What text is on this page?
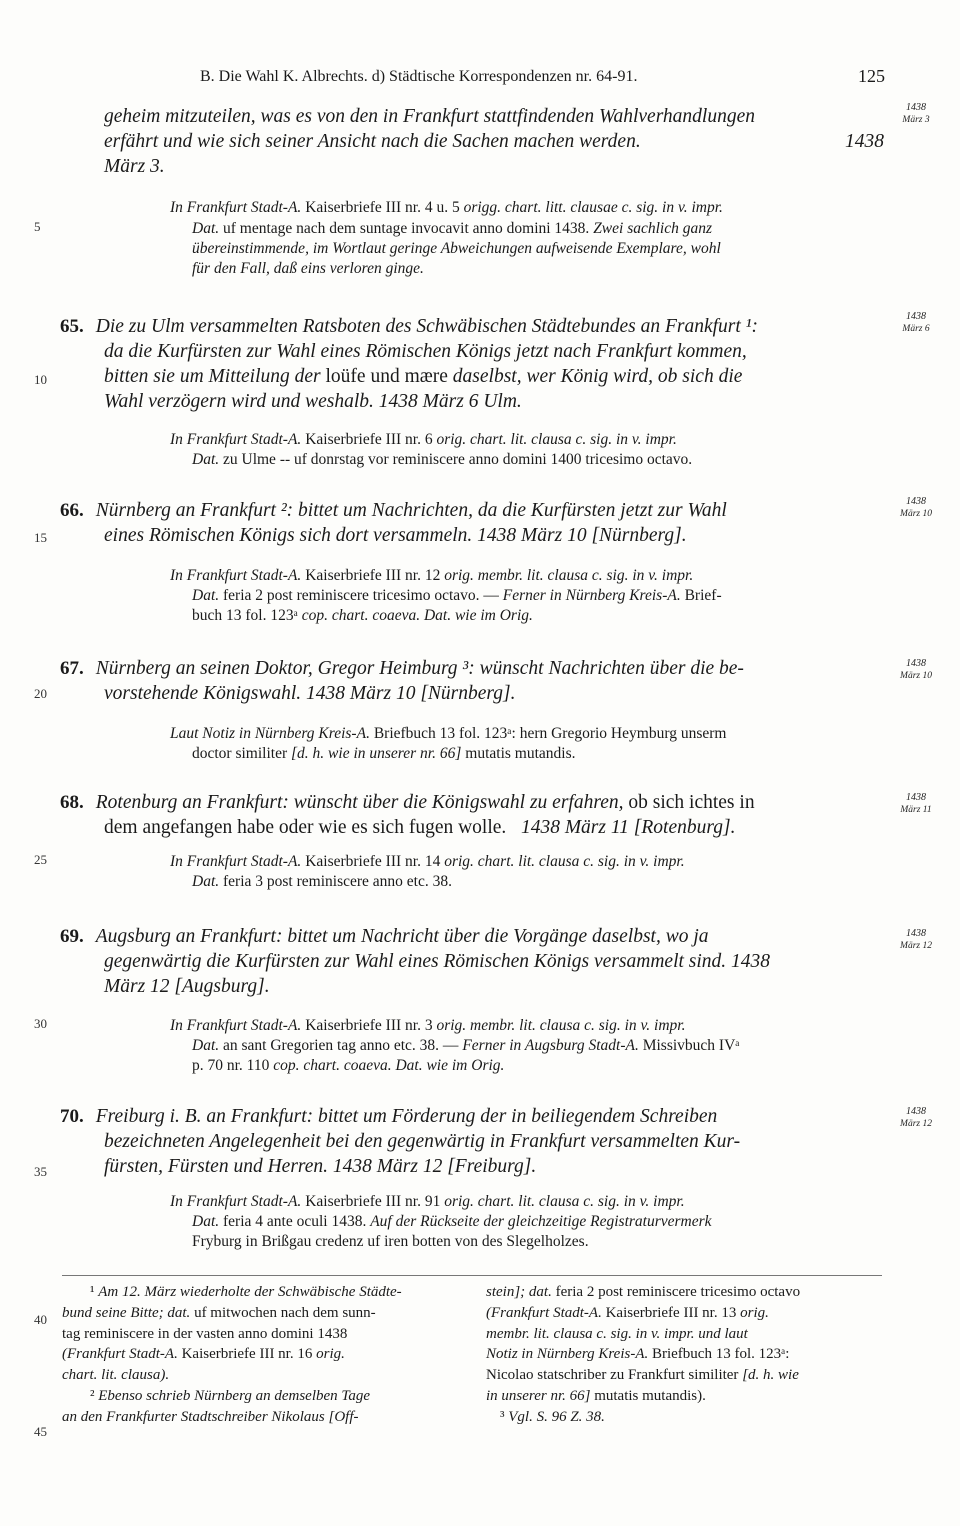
B. Die Wahl K. Albrechts. d) Städtische Korrespondenzen nr. 64-91.	125
5
10
15
20
25
30
35
40
45
1438
März 3
geheim mitzuteilen, was es von den in Frankfurt stattfindenden Wahlverhandlungen
erfährt und wie sich seiner Ansicht nach die Sachen machen werden.	1438
März 3.
In Frankfurt Stadt-A. Kaiserbriefe III nr. 4 u. 5 origg. chart. litt. clausae c. sig. in v. impr.
Dat. uf mentage nach dem suntage invocavit anno domini 1438. Zwei sachlich ganz
übereinstimmende, im Wortlaut geringe Abweichungen aufweisende Exemplare, wohl
für den Fall, daß eins verloren ginge.
1438
März 6
65. Die zu Ulm versammelten Ratsboten des Schwäbischen Städtebundes an Frankfurt ¹:
da die Kurfürsten zur Wahl eines Römischen Königs jetzt nach Frankfurt kommen,
bitten sie um Mitteilung der loüfe und mære daselbst, wer König wird, ob sich die
Wahl verzögern wird und weshalb. 1438 März 6 Ulm.
In Frankfurt Stadt-A. Kaiserbriefe III nr. 6 orig. chart. lit. clausa c. sig. in v. impr.
Dat. zu Ulme -- uf donrstag vor reminiscere anno domini 1400 tricesimo octavo.
1438
März 10
66. Nürnberg an Frankfurt ²: bittet um Nachrichten, da die Kurfürsten jetzt zur Wahl
eines Römischen Königs sich dort versammeln. 1438 März 10 [Nürnberg].
In Frankfurt Stadt-A. Kaiserbriefe III nr. 12 orig. membr. lit. clausa c. sig. in v. impr.
Dat. feria 2 post reminiscere tricesimo octavo. — Ferner in Nürnberg Kreis-A. Brief-
buch 13 fol. 123ᵃ cop. chart. coaeva. Dat. wie im Orig.
1438
März 10
67. Nürnberg an seinen Doktor, Gregor Heimburg ³: wünscht Nachrichten über die be-
vorstehende Königswahl. 1438 März 10 [Nürnberg].
Laut Notiz in Nürnberg Kreis-A. Briefbuch 13 fol. 123ᵃ: hern Gregorio Heymburg unserm
doctor similiter [d. h. wie in unserer nr. 66] mutatis mutandis.
1438
März 11
68. Rotenburg an Frankfurt: wünscht über die Königswahl zu erfahren, ob sich ichtes in
dem angefangen habe oder wie es sich fugen wolle. 1438 März 11 [Rotenburg].
In Frankfurt Stadt-A. Kaiserbriefe III nr. 14 orig. chart. lit. clausa c. sig. in v. impr.
Dat. feria 3 post reminiscere anno etc. 38.
1438
März 12
69. Augsburg an Frankfurt: bittet um Nachricht über die Vorgänge daselbst, wo ja
gegenwärtig die Kurfürsten zur Wahl eines Römischen Königs versammelt sind. 1438
März 12 [Augsburg].
In Frankfurt Stadt-A. Kaiserbriefe III nr. 3 orig. membr. lit. clausa c. sig. in v. impr.
Dat. an sant Gregorien tag anno etc. 38. — Ferner in Augsburg Stadt-A. Missivbuch IVᵃ
p. 70 nr. 110 cop. chart. coaeva. Dat. wie im Orig.
1438
März 12
70. Freiburg i. B. an Frankfurt: bittet um Förderung der in beiliegendem Schreiben
bezeichneten Angelegenheit bei den gegenwärtig in Frankfurt versammelten Kur-
fürsten, Fürsten und Herren. 1438 März 12 [Freiburg].
In Frankfurt Stadt-A. Kaiserbriefe III nr. 91 orig. chart. lit. clausa c. sig. in v. impr.
Dat. feria 4 ante oculi 1438. Auf der Rückseite der gleichzeitige Registraturvermerk
Fryburg in Brißgau credenz uf iren botten von des Slegelholzes.
¹ Am 12. März wiederholte der Schwäbische Städte-
bund seine Bitte; dat. uf mitwochen nach dem sunn-
tag reminiscere in der vasten anno domini 1438
(Frankfurt Stadt-A. Kaiserbriefe III nr. 16 orig.
chart. lit. clausa).
² Ebenso schrieb Nürnberg an demselben Tage
an den Frankfurter Stadtschreiber Nikolaus [Off-
stein]; dat. feria 2 post reminiscere tricesimo octavo
(Frankfurt Stadt-A. Kaiserbriefe III nr. 13 orig.
membr. lit. clausa c. sig. in v. impr. und laut
Notiz in Nürnberg Kreis-A. Briefbuch 13 fol. 123ᵃ:
Nicolao statschriber zu Frankfurt similiter [d. h. wie
in unserer nr. 66] mutatis mutandis).
³ Vgl. S. 96 Z. 38.
